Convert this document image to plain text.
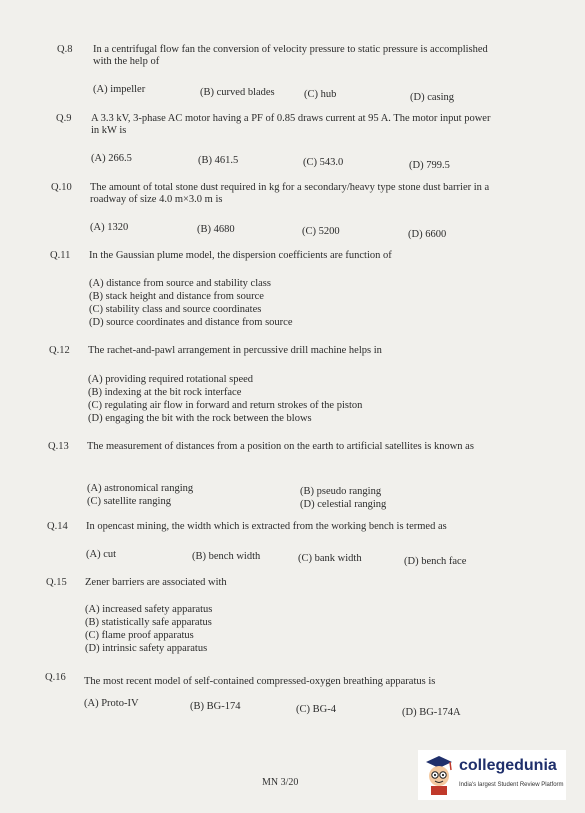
Q.8 In a centrifugal flow fan the conversion of velocity pressure to static pressure is accomplished with the help of
(A) impeller	(B) curved blades	(C) hub	(D) casing
Q.9 A 3.3 kV, 3-phase AC motor having a PF of 0.85 draws current at 95 A. The motor input power in kW is
(A) 266.5	(B) 461.5	(C) 543.0	(D) 799.5
Q.10 The amount of total stone dust required in kg for a secondary/heavy type stone dust barrier in a roadway of size 4.0 m×3.0 m is
(A) 1320	(B) 4680	(C) 5200	(D) 6600
Q.11 In the Gaussian plume model, the dispersion coefficients are function of
(A) distance from source and stability class
(B) stack height and distance from source
(C) stability class and source coordinates
(D) source coordinates and distance from source
Q.12 The rachet-and-pawl arrangement in percussive drill machine helps in
(A) providing required rotational speed
(B) indexing at the bit rock interface
(C) regulating air flow in forward and return strokes of the piston
(D) engaging the bit with the rock between the blows
Q.13 The measurement of distances from a position on the earth to artificial satellites is known as
(A) astronomical ranging	(B) pseudo ranging
(C) satellite ranging	(D) celestial ranging
Q.14 In opencast mining, the width which is extracted from the working bench is termed as
(A) cut	(B) bench width	(C) bank width	(D) bench face
Q.15 Zener barriers are associated with
(A) increased safety apparatus
(B) statistically safe apparatus
(C) flame proof apparatus
(D) intrinsic safety apparatus
Q.16 The most recent model of self-contained compressed-oxygen breathing apparatus is
(A) Proto-IV	(B) BG-174	(C) BG-4	(D) BG-174A
MN 3/20
collegedunia
India's largest Student Review Platform
